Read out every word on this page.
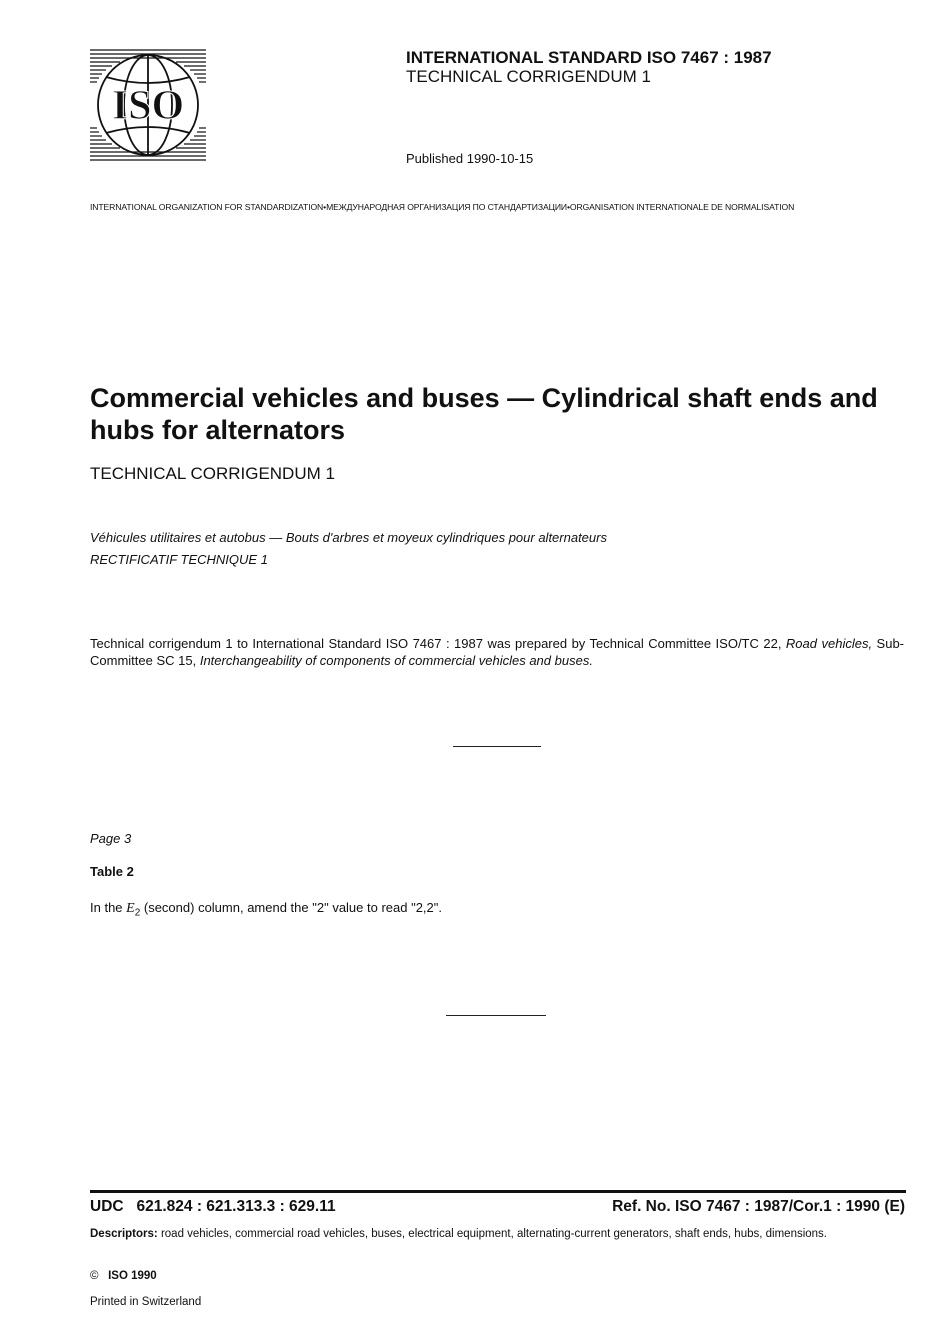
ISO
INTERNATIONAL STANDARD ISO 7467 : 1987
TECHNICAL CORRIGENDUM 1
Published 1990-10-15
INTERNATIONAL ORGANIZATION FOR STANDARDIZATION•МЕЖДУНАРОДНАЯ ОРГАНИЗАЦИЯ ПО СТАНДАРТИЗАЦИИ•ORGANISATION INTERNATIONALE DE NORMALISATION
Commercial vehicles and buses — Cylindrical shaft ends and hubs for alternators
TECHNICAL CORRIGENDUM 1
Véhicules utilitaires et autobus — Bouts d'arbres et moyeux cylindriques pour alternateurs
RECTIFICATIF TECHNIQUE 1
Technical corrigendum 1 to International Standard ISO 7467 : 1987 was prepared by Technical Committee ISO/TC 22, Road vehicles, Sub-Committee SC 15, Interchangeability of components of commercial vehicles and buses.
Page 3
Table 2
In the $E_2$ (second) column, amend the "2" value to read "2,2".
UDC   621.824 : 621.313.3 : 629.11	Ref. No. ISO 7467 : 1987/Cor.1 : 1990 (E)
Descriptors: road vehicles, commercial road vehicles, buses, electrical equipment, alternating-current generators, shaft ends, hubs, dimensions.
© ISO 1990
Printed in Switzerland
